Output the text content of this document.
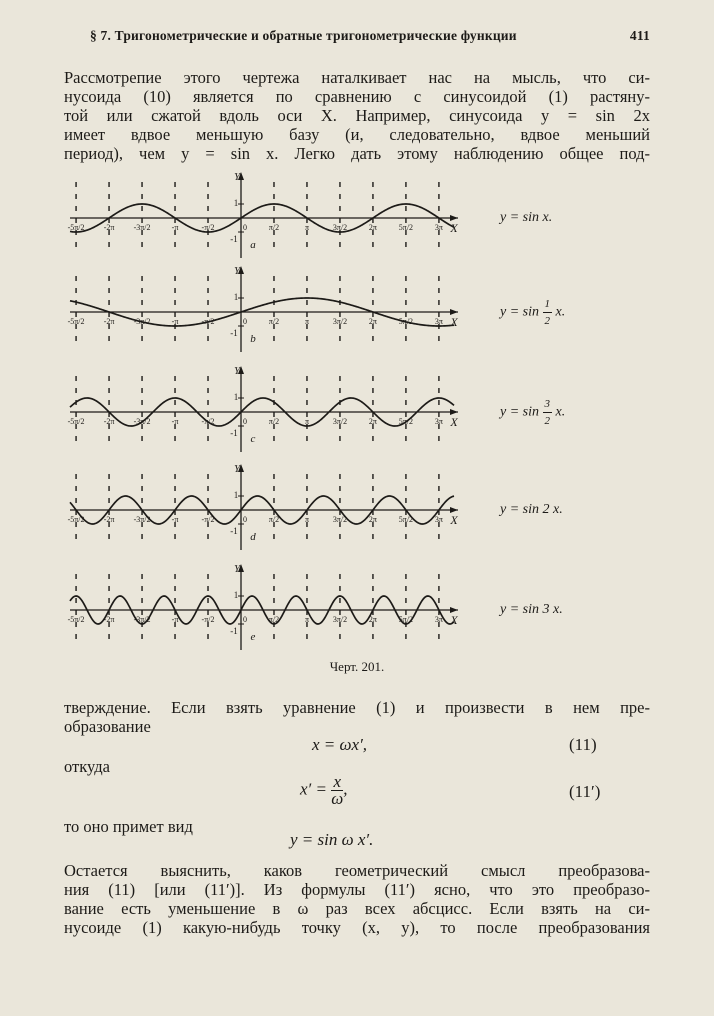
§ 7. Тригонометрические и обратные тригонометрические функции	411

Рассмотрепие этого чертежа наталкивает нас на мысль, что си-
нусоида (10) является по сравнению с синусоидой (1) растяну-
той или сжатой вдоль оси X. Например, синусоида y = sin 2x
имеет вдвое меньшую базу (и, следовательно, вдвое меньший
период), чем y = sin x. Легко дать этому наблюдению общее под-

1
-1
Y
X
0
-5π/2 -2π -3π/2	-π	-π/2	π/2	π	3π/2	2π	5π/2	3π
a
1
-1
Y
X
0
-5π/2 -2π -3π/2	-π	-π/2	π/2	π	3π/2	2π	5π/2	3π
b
1
-1
Y
X
0
-5π/2 -2π -3π/2	-π	-π/2	π/2	π	3π/2	2π	5π/2	3π
c
1
-1
Y
X
0
-5π/2 -2π -3π/2	-π	-π/2	π/2	π	3π/2	2π	5π/2	3π
d
1
-1
Y
X
0
-5π/2 -2π -3π/2	-π	-π/2	π/2	π	3π/2	2π	5π/2	3π
e
y = sin x.
$y = \sin \frac{1}{2} x$.
$y = \sin \frac{3}{2} x$.
y = sin 2 x.
y = sin 3 x.
Черт. 201.

тверждение. Если взять уравнение (1) и произвести в нем пре-
образование

x = ωx′,	(11)
откуда
$x' = \frac{x}{\omega}$ ,	(11′)
то оно примет вид
y = sin ω x′.

Остается выяснить, каков геометрический смысл преобразова-
ния (11) [или (11′)]. Из формулы (11′) ясно, что это преобразо-
вание есть уменьшение в ω раз всех абсцисс. Если взять на си-
нусоиде (1) какую-нибудь точку (x, y), то после преобразования
